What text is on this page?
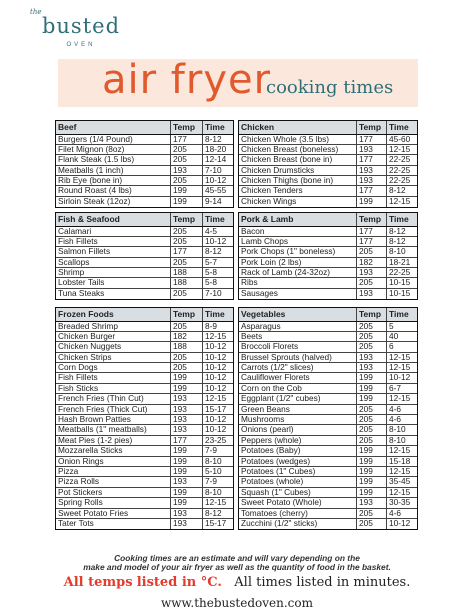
the
busted
OVEN
air fryer
cooking times
Beef	Temp	Time
Burgers (1/4 Pound)	177	8-12
Filet Mignon (8oz)	205	18-20
Flank Steak (1.5 lbs)	205	12-14
Meatballs (1 inch)	193	7-10
Rib Eye (bone in)	205	10-12
Round Roast (4 lbs)	199	45-55
Sirloin Steak (12oz)	199	9-14
Chicken	Temp Time
Chicken Whole (3.5 lbs)	177	45-60
Chicken Breast (boneless)	193	12-15
Chicken Breast (bone in)	177	22-25
Chicken Drumsticks	193	22-25
Chicken Thighs (bone in)	193	22-25
Chicken Tenders	177	8-12
Chicken Wings	199	12-15
Fish & Seafood	Temp	Time
Calamari	205	4-5
Fish Fillets	205	10-12
Salmon Fillets	177	8-12
Scallops	205	5-7
Shrimp	188	5-8
Lobster Tails	188	5-8
Tuna Steaks	205	7-10
Pork & Lamb	Temp Time
Bacon	177	8-12
Lamb Chops	177	8-12
Pork Chops (1" boneless)	205	8-10
Pork Loin (2 lbs)	182	18-21
Rack of Lamb (24-32oz)	193	22-25
Ribs	205	10-15
Sausages	193	10-15
Frozen Foods	Temp	Time
Breaded Shrimp	205	8-9
Chicken Burger	182	12-15
Chicken Nuggets	188	10-12
Chicken Strips	205	10-12
Corn Dogs	205	10-12
Fish Fillets	199	10-12
Fish Sticks	199	10-12
French Fries (Thin Cut)	193	12-15
French Fries (Thick Cut)	193	15-17
Hash Brown Patties	193	10-12
Meatballs (1" meatballs)	193	10-12
Meat Pies (1-2 pies)	177	23-25
Mozzarella Sticks	199	7-9
Onion Rings	199	8-10
Pizza	199	5-10
Pizza Rolls	193	7-9
Pot Stickers	199	8-10
Spring Rolls	199	12-15
Sweet Potato Fries	193	8-12
Tater Tots	193	15-17
Vegetables	Temp Time
Asparagus	205	5
Beets	205	40
Broccoli Florets	205	6
Brussel Sprouts (halved)	193	12-15
Carrots (1/2" slices)	193	12-15
Cauliflower Florets	199	10-12
Corn on the Cob	199	6-7
Eggplant (1/2" cubes)	199	12-15
Green Beans	205	4-6
Mushrooms	205	4-6
Onions (pearl)	205	8-10
Peppers (whole)	205	8-10
Potatoes (Baby)	199	12-15
Potatoes (wedges)	199	15-18
Potatoes (1" Cubes)	199	12-15
Potatoes (whole)	199	35-45
Squash (1" Cubes)	199	12-15
Sweet Potato (Whole)	193	30-35
Tomatoes (cherry)	205	4-6
Zucchini (1/2" sticks)	205	10-12
Cooking times are an estimate and will vary depending on the
make and model of your air fryer as well as the quantity of food in the basket.
All temps listed in °C. All times listed in minutes.
www.thebustedoven.com
